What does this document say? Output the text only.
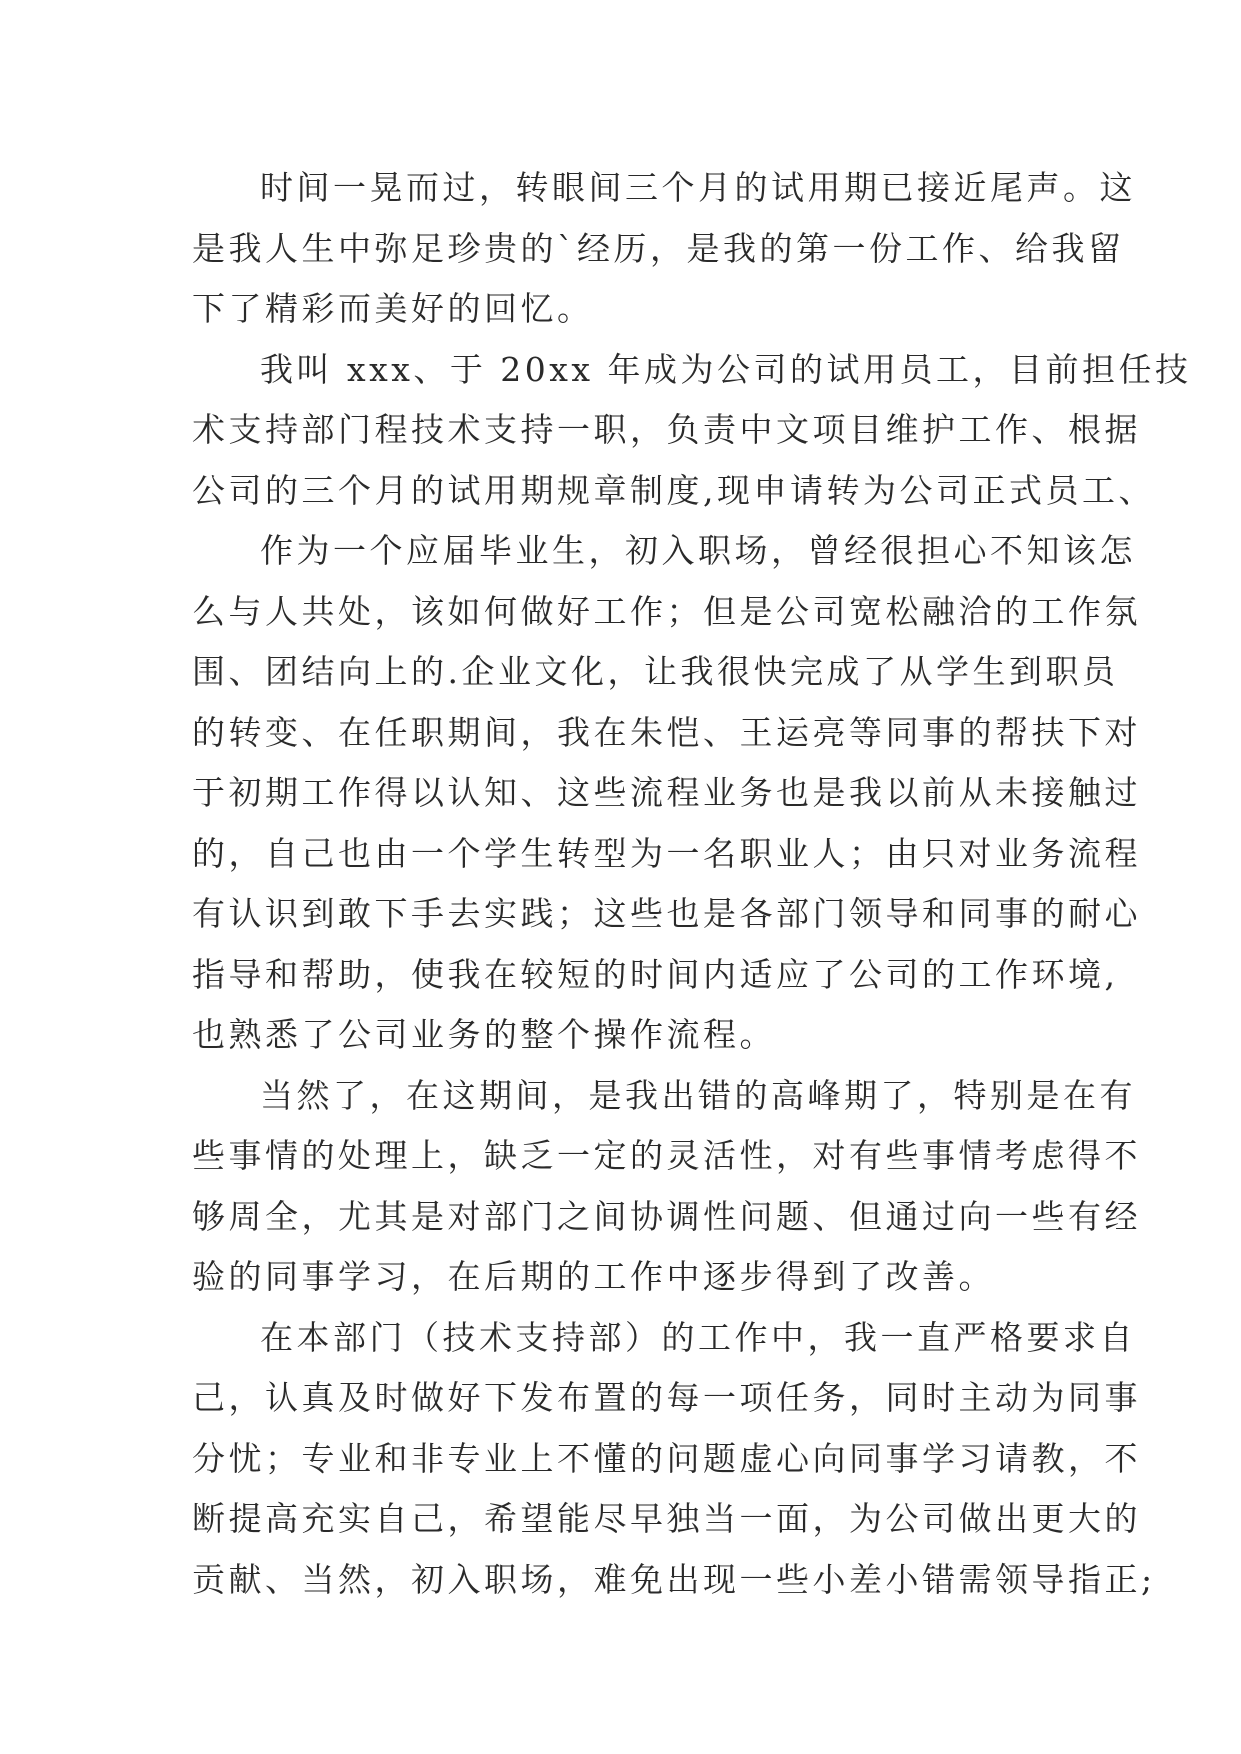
时间一晃而过，转眼间三个月的试用期已接近尾声。这
是我人生中弥足珍贵的`经历，是我的第一份工作、给我留
下了精彩而美好的回忆。
我叫 xxx、于 20xx 年成为公司的试用员工，目前担任技
术支持部门程技术支持一职，负责中文项目维护工作、根据
公司的三个月的试用期规章制度,现申请转为公司正式员工、
作为一个应届毕业生，初入职场，曾经很担心不知该怎
么与人共处，该如何做好工作；但是公司宽松融洽的工作氛
围、团结向上的.企业文化，让我很快完成了从学生到职员
的转变、在任职期间，我在朱恺、王运亮等同事的帮扶下对
于初期工作得以认知、这些流程业务也是我以前从未接触过
的，自己也由一个学生转型为一名职业人；由只对业务流程
有认识到敢下手去实践；这些也是各部门领导和同事的耐心
指导和帮助，使我在较短的时间内适应了公司的工作环境,
也熟悉了公司业务的整个操作流程。
当然了，在这期间，是我出错的高峰期了，特别是在有
些事情的处理上，缺乏一定的灵活性，对有些事情考虑得不
够周全，尤其是对部门之间协调性问题、但通过向一些有经
验的同事学习，在后期的工作中逐步得到了改善。
在本部门（技术支持部）的工作中，我一直严格要求自
己，认真及时做好下发布置的每一项任务，同时主动为同事
分忧；专业和非专业上不懂的问题虚心向同事学习请教，不
断提高充实自己，希望能尽早独当一面，为公司做出更大的
贡献、当然，初入职场，难免出现一些小差小错需领导指正;
